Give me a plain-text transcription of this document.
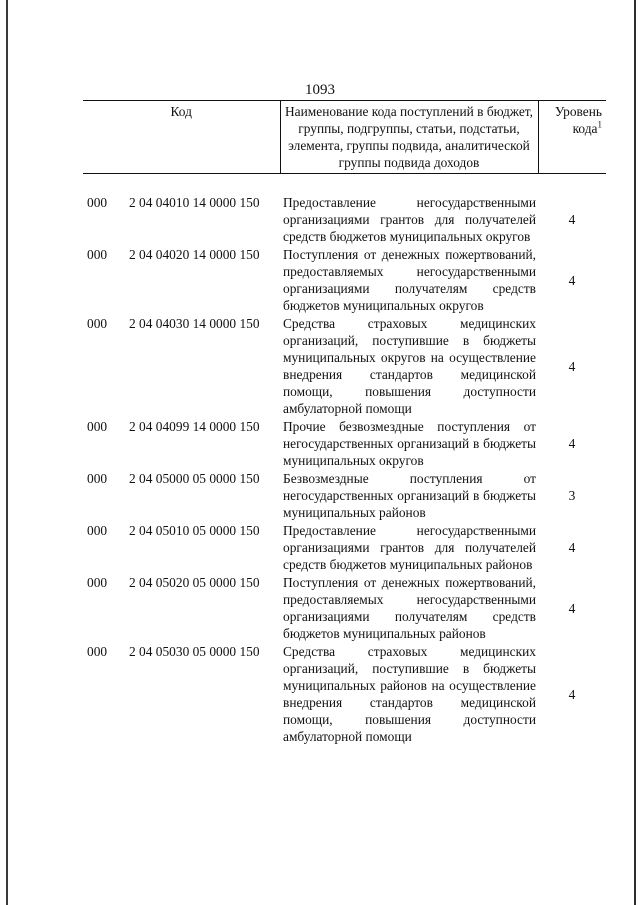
1093
Код	Наименование кода поступлений в бюджет, группы, подгруппы, статьи, подстатьи, элемента, группы подвида, аналитической группы подвида доходов	Уровень кода$^1$

000 2 04 04010 14 0000 150	Предоставление негосударственными организациями грантов для получателей средств бюджетов муниципальных округов	4
000 2 04 04020 14 0000 150	Поступления от денежных пожертвований, предоставляемых негосударственными организациями получателям средств бюджетов муниципальных округов	4
000 2 04 04030 14 0000 150	Средства страховых медицинских организаций, поступившие в бюджеты муниципальных округов на осуществление внедрения стандартов медицинской помощи, повышения доступности амбулаторной помощи	4
000 2 04 04099 14 0000 150	Прочие безвозмездные поступления от негосударственных организаций в бюджеты муниципальных округов	4
000 2 04 05000 05 0000 150	Безвозмездные поступления от негосударственных организаций в бюджеты муниципальных районов	3
000 2 04 05010 05 0000 150	Предоставление негосударственными организациями грантов для получателей средств бюджетов муниципальных районов	4
000 2 04 05020 05 0000 150	Поступления от денежных пожертвований, предоставляемых негосударственными организациями получателям средств бюджетов муниципальных районов	4
000 2 04 05030 05 0000 150	Средства страховых медицинских организаций, поступившие в бюджеты муниципальных районов на осуществление внедрения стандартов медицинской помощи, повышения доступности амбулаторной помощи	4
